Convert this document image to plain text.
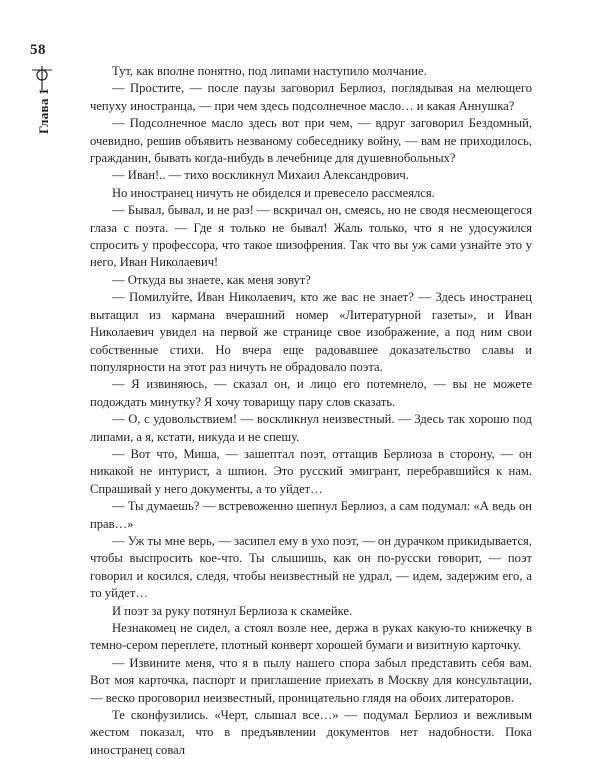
58
Глава 1

Тут, как вполне понятно, под липами наступило молчание.

— Простите, — после паузы заговорил Берлиоз, поглядывая на мелющего чепуху иностранца, — при чем здесь подсолнечное масло… и какая Аннушка?

— Подсолнечное масло здесь вот при чем, — вдруг заговорил Бездомный, очевидно, решив объявить незваному собеседнику войну, — вам не приходилось, гражданин, бывать когда-нибудь в лечебнице для душевнобольных?

— Иван!.. — тихо воскликнул Михаил Александрович.

Но иностранец ничуть не обиделся и превесело рассмеялся.

— Бывал, бывал, и не раз! — вскричал он, смеясь, но не сводя несмеющегося глаза с поэта. — Где я только не бывал! Жаль только, что я не удосужился спросить у профессора, что такое шизофрения. Так что вы уж сами узнайте это у него, Иван Николаевич!

— Откуда вы знаете, как меня зовут?

— Помилуйте, Иван Николаевич, кто же вас не знает? — Здесь иностранец вытащил из кармана вчерашний номер «Литературной газеты», и Иван Николаевич увидел на первой же странице свое изображение, а под ним свои собственные стихи. Но вчера еще радовавшее доказательство славы и популярности на этот раз ничуть не обрадовало поэта.

— Я извиняюсь, — сказал он, и лицо его потемнело, — вы не можете подождать минутку? Я хочу товарищу пару слов сказать.

— О, с удовольствием! — воскликнул неизвестный. — Здесь так хорошо под липами, а я, кстати, никуда и не спешу.

— Вот что, Миша, — зашептал поэт, оттащив Берлиоза в сторону, — он никакой не интурист, а шпион. Это русский эмигрант, перебравшийся к нам. Спрашивай у него документы, а то уйдет…

— Ты думаешь? — встревоженно шепнул Берлиоз, а сам подумал: «А ведь он прав…»

— Уж ты мне верь, — засипел ему в ухо поэт, — он дурачком прикидывается, чтобы выспросить кое-что. Ты слышишь, как он по-русски говорит, — поэт говорил и косился, следя, чтобы неизвестный не удрал, — идем, задержим его, а то уйдет…

И поэт за руку потянул Берлиоза к скамейке.

Незнакомец не сидел, а стоял возле нее, держа в руках какую-то книжечку в темно-сером переплете, плотный конверт хорошей бумаги и визитную карточку.

— Извините меня, что я в пылу нашего спора забыл представить себя вам. Вот моя карточка, паспорт и приглашение приехать в Москву для консультации, — веско проговорил неизвестный, проницательно глядя на обоих литераторов.

Те сконфузились. «Черт, слышал все…» — подумал Берлиоз и вежливым жестом показал, что в предъявлении документов нет надобности. Пока иностранец совал
